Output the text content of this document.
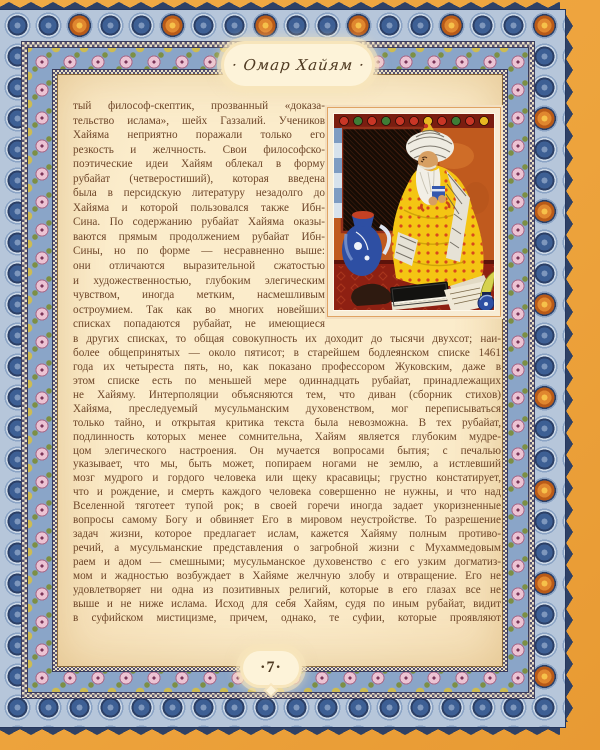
· Омар Хайям ·
тый философ-скептик, прозванный «доказа-
тельство ислама», шейх Газзалий. Учеников
Хайяма неприятно поражали только его
резкость и желчность. Свои философско-
поэтические идеи Хайям облекал в форму
рубайат (четверостиший), которая введена
была в персидскую литературу незадолго до
Хайяма и которой пользовался также Ибн-
Сина. По содержанию рубайат Хайяма оказы-
ваются прямым продолжением рубайат Ибн-
Сины, но по форме — несравненно выше:
они отличаются выразительной сжатостью
и художественностью, глубоким элегическим
чувством, иногда метким, насмешливым
остроумием. Так как во многих новейших
списках попадаются рубайат, не имеющиеся
в других списках, то общая совокупность их доходит до тысячи двухсот; наи-
более общепринятых — около пятисот; в старейшем бодлеянском списке 1461
года их четыреста пять, но, как показано профессором Жуковским, даже в
этом списке есть по меньшей мере одиннадцать рубайат, принадлежащих
не Хайяму. Интерполяции объясняются тем, что диван (сборник стихов)
Хайяма, преследуемый мусульманским духовенством, мог переписываться
только тайно, и открытая критика текста была невозможна. В тех рубайат,
подлинность которых менее сомнительна, Хайям является глубоким мудре-
цом элегического настроения. Он мучается вопросами бытия; с печалью
указывает, что мы, быть может, попираем ногами не землю, а истлевший
мозг мудрого и гордого человека или щеку красавицы; грустно констатирует,
что и рождение, и смерть каждого человека совершенно не нужны, и что над
Вселенной тяготеет тупой рок; в своей горечи иногда задает укоризненные
вопросы самому Богу и обвиняет Его в мировом неустройстве. То разрешение
задач жизни, которое предлагает ислам, кажется Хайяму полным противо-
речий, а мусульманские представления о загробной жизни с Мухаммедовым
раем и адом — смешными; мусульманское духовенство с его узким догматиз-
мом и жадностью возбуждает в Хайяме желчную злобу и отвращение. Его не
удовлетворяет ни одна из позитивных религий, которые в его глазах все не
выше и не ниже ислама. Исход для себя Хайям, судя по иным рубайат, видит
в суфийском мистицизме, причем, однако, те суфии, которые проявляют
·7·
